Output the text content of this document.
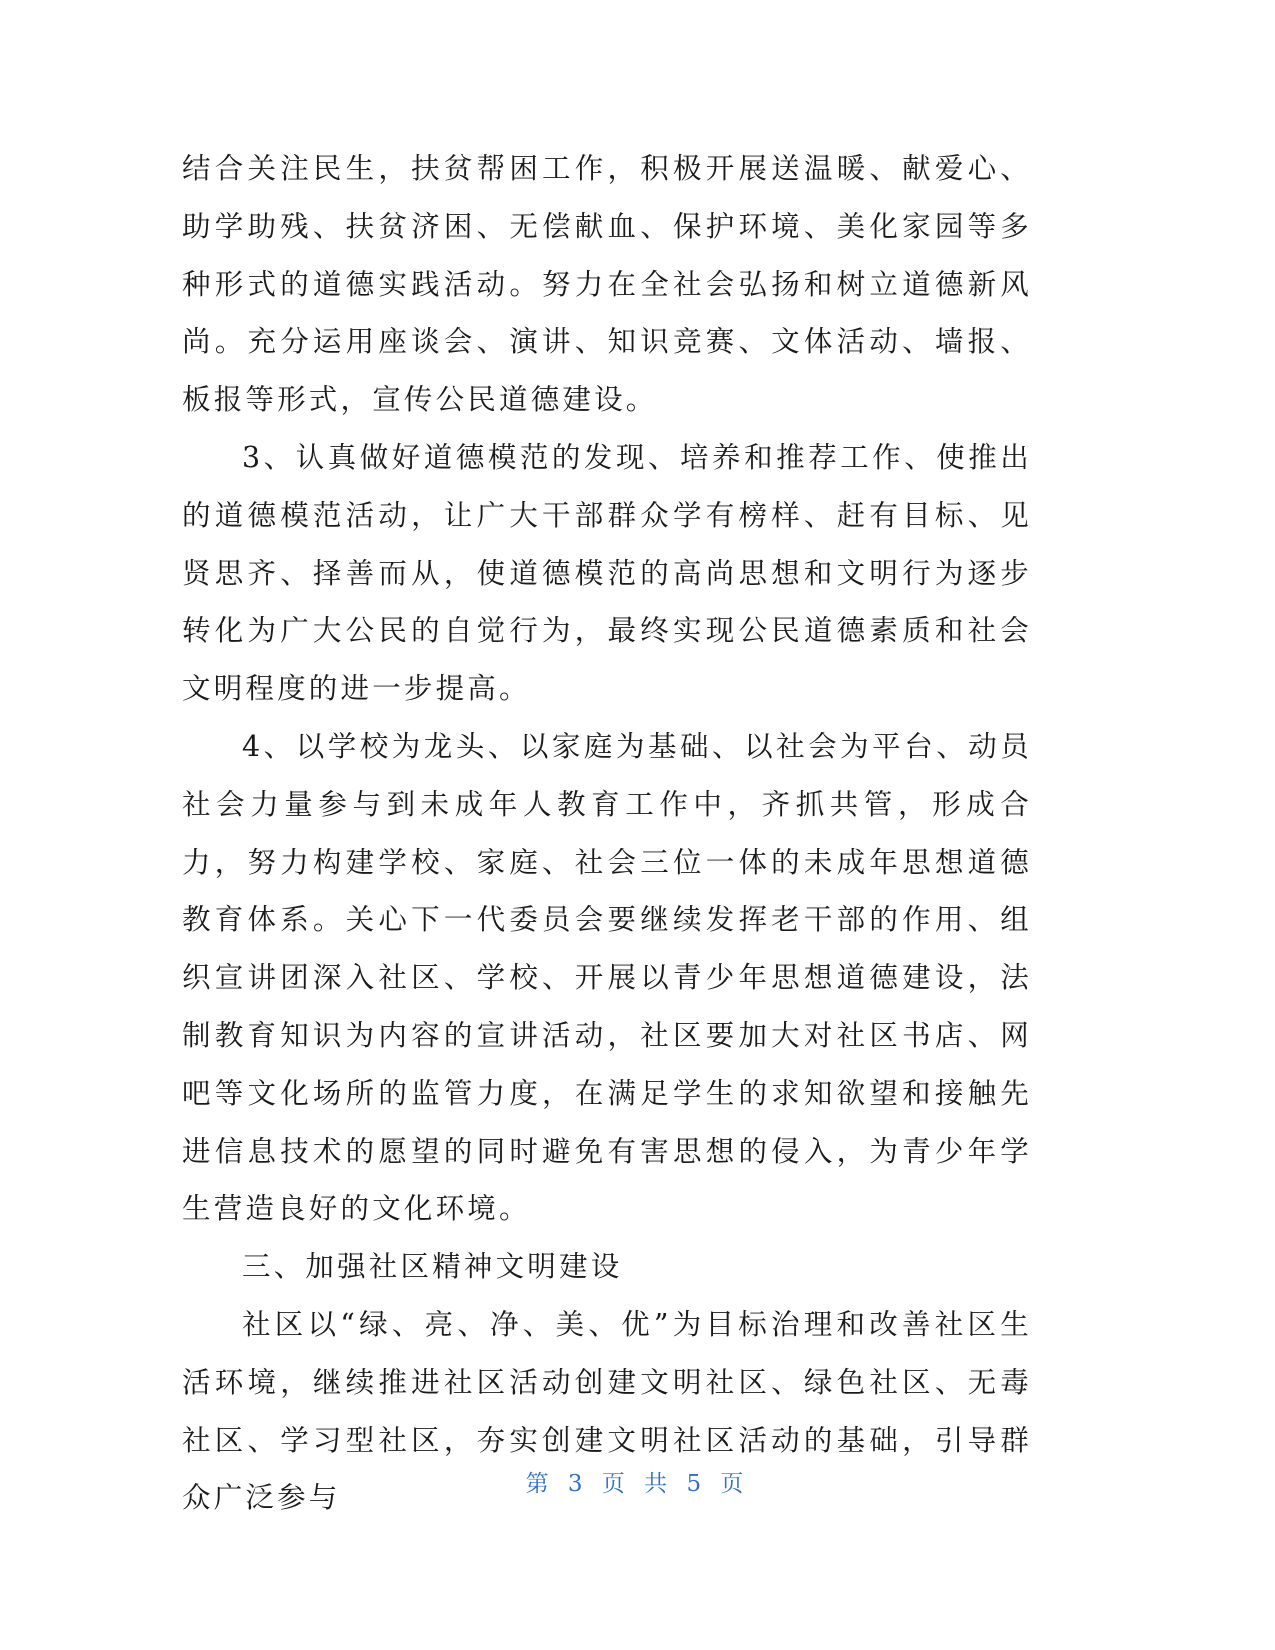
结合关注民生，扶贫帮困工作，积极开展送温暖、献爱心、助学助残、扶贫济困、无偿献血、保护环境、美化家园等多种形式的道德实践活动。努力在全社会弘扬和树立道德新风尚。充分运用座谈会、演讲、知识竞赛、文体活动、墙报、板报等形式，宣传公民道德建设。

3、认真做好道德模范的发现、培养和推荐工作、使推出的道德模范活动，让广大干部群众学有榜样、赶有目标、见贤思齐、择善而从，使道德模范的高尚思想和文明行为逐步转化为广大公民的自觉行为，最终实现公民道德素质和社会文明程度的进一步提高。

4、以学校为龙头、以家庭为基础、以社会为平台、动员社会力量参与到未成年人教育工作中，齐抓共管，形成合力，努力构建学校、家庭、社会三位一体的未成年思想道德教育体系。关心下一代委员会要继续发挥老干部的作用、组织宣讲团深入社区、学校、开展以青少年思想道德建设，法制教育知识为内容的宣讲活动，社区要加大对社区书店、网吧等文化场所的监管力度，在满足学生的求知欲望和接触先进信息技术的愿望的同时避免有害思想的侵入，为青少年学生营造良好的文化环境。

三、加强社区精神文明建设

社区以“绿、亮、净、美、优”为目标治理和改善社区生活环境，继续推进社区活动创建文明社区、绿色社区、无毒社区、学习型社区，夯实创建文明社区活动的基础，引导群众广泛参与	第 3 页 共 5 页
